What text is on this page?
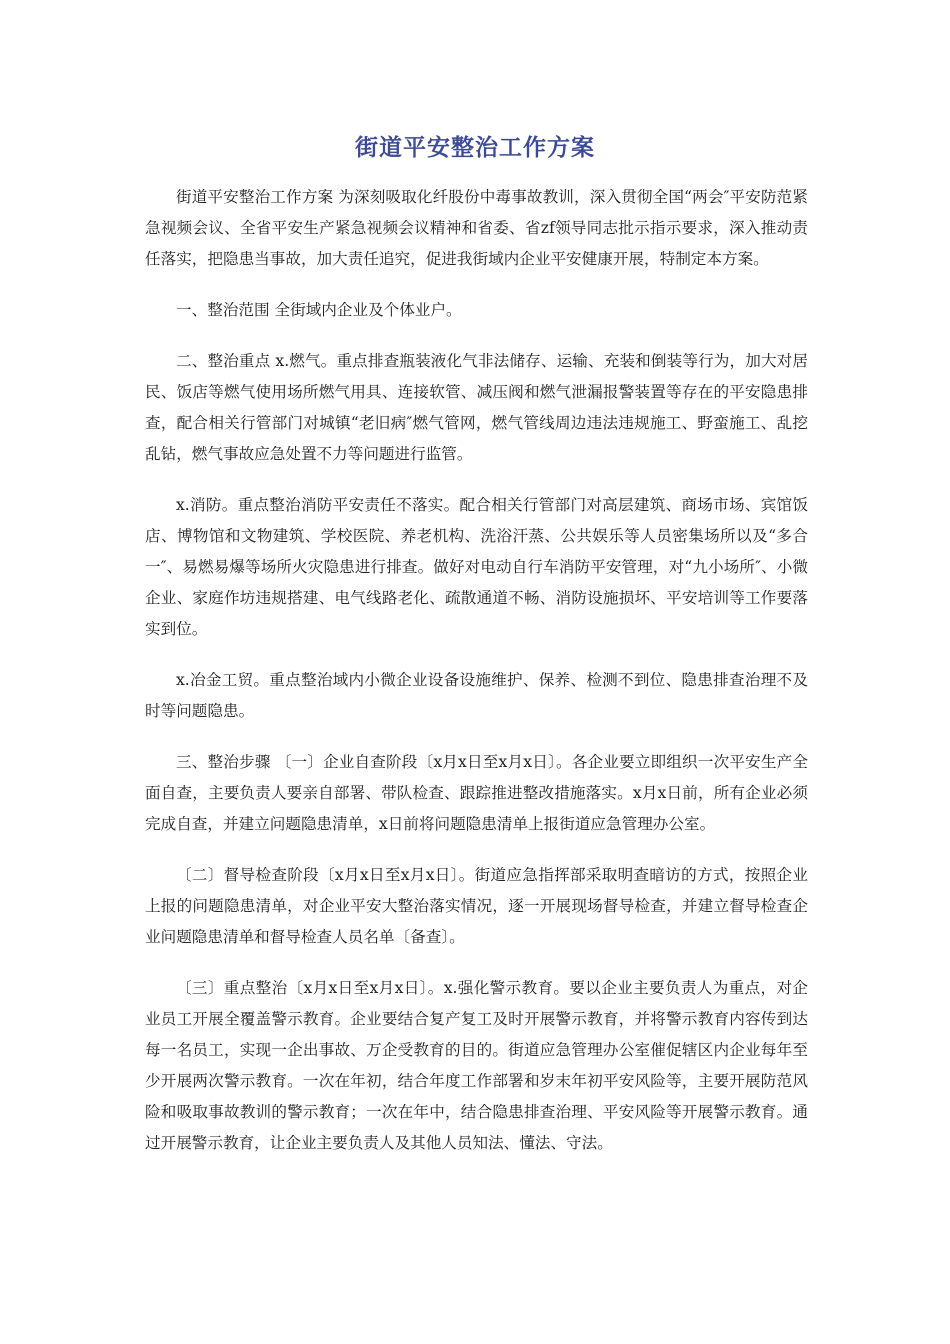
街道平安整治工作方案

街道平安整治工作方案 为深刻吸取化纤股份中毒事故教训，深入贯彻全国“两会″平安防范紧急视频会议、全省平安生产紧急视频会议精神和省委、省zf领导同志批示指示要求，深入推动责任落实，把隐患当事故，加大责任追究，促进我街域内企业平安健康开展，特制定本方案。

一、整治范围 全街域内企业及个体业户。

二、整治重点 x.燃气。重点排查瓶装液化气非法储存、运输、充装和倒装等行为，加大对居民、饭店等燃气使用场所燃气用具、连接软管、减压阀和燃气泄漏报警装置等存在的平安隐患排查，配合相关行管部门对城镇“老旧病″燃气管网，燃气管线周边违法违规施工、野蛮施工、乱挖乱钻，燃气事故应急处置不力等问题进行监管。

x.消防。重点整治消防平安责任不落实。配合相关行管部门对高层建筑、商场市场、宾馆饭店、博物馆和文物建筑、学校医院、养老机构、洗浴汗蒸、公共娱乐等人员密集场所以及“多合一″、易燃易爆等场所火灾隐患进行排查。做好对电动自行车消防平安管理，对“九小场所″、小微企业、家庭作坊违规搭建、电气线路老化、疏散通道不畅、消防设施损坏、平安培训等工作要落实到位。

x.冶金工贸。重点整治域内小微企业设备设施维护、保养、检测不到位、隐患排查治理不及时等问题隐患。

三、整治步骤 〔一〕企业自查阶段〔x月x日至x月x日〕。各企业要立即组织一次平安生产全面自查，主要负责人要亲自部署、带队检查、跟踪推进整改措施落实。x月x日前，所有企业必须完成自查，并建立问题隐患清单，x日前将问题隐患清单上报街道应急管理办公室。

〔二〕督导检查阶段〔x月x日至x月x日〕。街道应急指挥部采取明查暗访的方式，按照企业上报的问题隐患清单，对企业平安大整治落实情况，逐一开展现场督导检查，并建立督导检查企业问题隐患清单和督导检查人员名单〔备查〕。

〔三〕重点整治〔x月x日至x月x日〕。x.强化警示教育。要以企业主要负责人为重点，对企业员工开展全覆盖警示教育。企业要结合复产复工及时开展警示教育，并将警示教育内容传到达每一名员工，实现一企出事故、万企受教育的目的。街道应急管理办公室催促辖区内企业每年至少开展两次警示教育。一次在年初，结合年度工作部署和岁末年初平安风险等，主要开展防范风险和吸取事故教训的警示教育；一次在年中，结合隐患排查治理、平安风险等开展警示教育。通过开展警示教育，让企业主要负责人及其他人员知法、懂法、守法。
